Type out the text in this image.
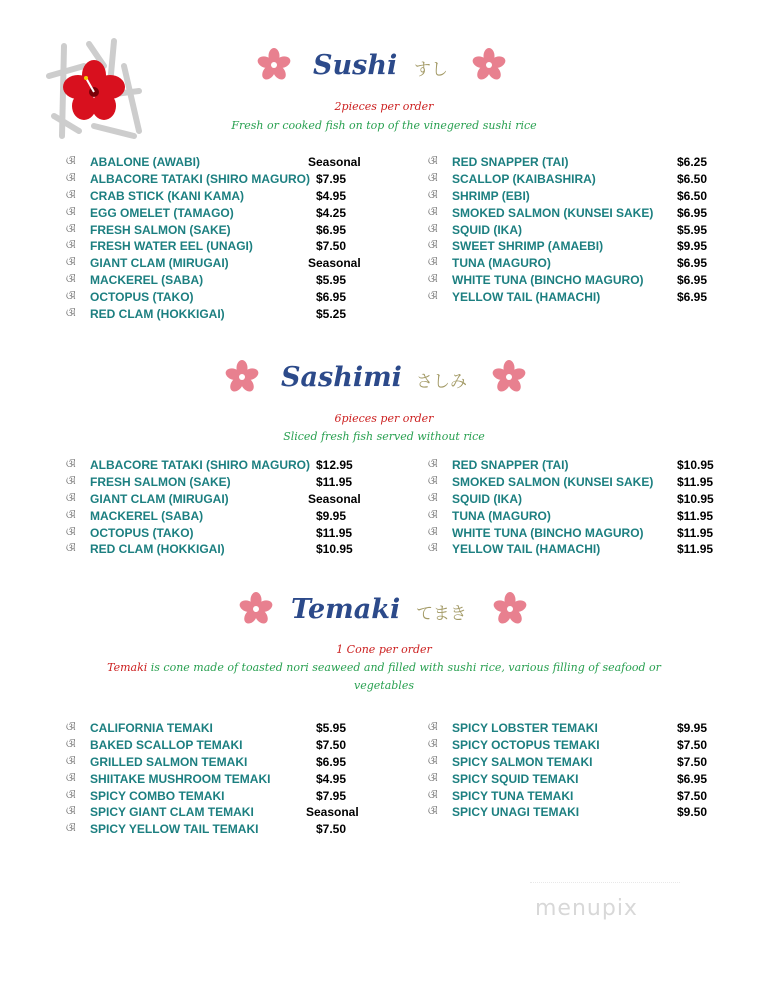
Sushi すし
2pieces per order
Fresh or cooked fish on top of the vinegered sushi rice
ଔ ABALONE (AWABI)	Seasonal
ଔ ALBACORE TATAKI (SHIRO MAGURO) $7.95
ଔ CRAB STICK (KANI KAMA)	$4.95
ଔ EGG OMELET (TAMAGO)	$4.25
ଔ FRESH SALMON (SAKE)	$6.95
ଔ FRESH WATER EEL (UNAGI)	$7.50
ଔ GIANT CLAM (MIRUGAI)	Seasonal
ଔ MACKEREL (SABA)	$5.95
ଔ OCTOPUS (TAKO)	$6.95
ଔ RED CLAM (HOKKIGAI)	$5.25
ଔ RED SNAPPER (TAI)	$6.25
ଔ SCALLOP (KAIBASHIRA)	$6.50
ଔ SHRIMP (EBI)	$6.50
ଔ SMOKED SALMON (KUNSEI SAKE) $6.95
ଔ SQUID (IKA)	$5.95
ଔ SWEET SHRIMP (AMAEBI)	$9.95
ଔ TUNA (MAGURO)	$6.95
ଔ WHITE TUNA (BINCHO MAGURO)	$6.95
ଔ YELLOW TAIL (HAMACHI)	$6.95
Sashimi さしみ
6pieces per order
Sliced fresh fish served without rice
ଔ ALBACORE TATAKI (SHIRO MAGURO) $12.95
ଔ FRESH SALMON (SAKE)	$11.95
ଔ GIANT CLAM (MIRUGAI)	Seasonal
ଔ MACKEREL (SABA)	$9.95
ଔ OCTOPUS (TAKO)	$11.95
ଔ RED CLAM (HOKKIGAI)	$10.95
ଔ RED SNAPPER (TAI)	$10.95
ଔ SMOKED SALMON (KUNSEI SAKE) $11.95
ଔ SQUID (IKA)	$10.95
ଔ TUNA (MAGURO)	$11.95
ଔ WHITE TUNA (BINCHO MAGURO)	$11.95
ଔ YELLOW TAIL (HAMACHI)	$11.95
Temaki てまき
1 Cone per order
Temaki is cone made of toasted nori seaweed and filled with sushi rice, various filling of seafood or
vegetables
ଔ CALIFORNIA TEMAKI	$5.95
ଔ BAKED SCALLOP TEMAKI	$7.50
ଔ GRILLED SALMON TEMAKI	$6.95
ଔ SHIITAKE MUSHROOM TEMAKI	$4.95
ଔ SPICY COMBO TEMAKI	$7.95
ଔ SPICY GIANT CLAM TEMAKI	Seasonal
ଔ SPICY YELLOW TAIL TEMAKI	$7.50
ଔ SPICY LOBSTER TEMAKI	$9.95
ଔ SPICY OCTOPUS TEMAKI	$7.50
ଔ SPICY SALMON TEMAKI	$7.50
ଔ SPICY SQUID TEMAKI	$6.95
ଔ SPICY TUNA TEMAKI	$7.50
ଔ SPICY UNAGI TEMAKI	$9.50
menupix
